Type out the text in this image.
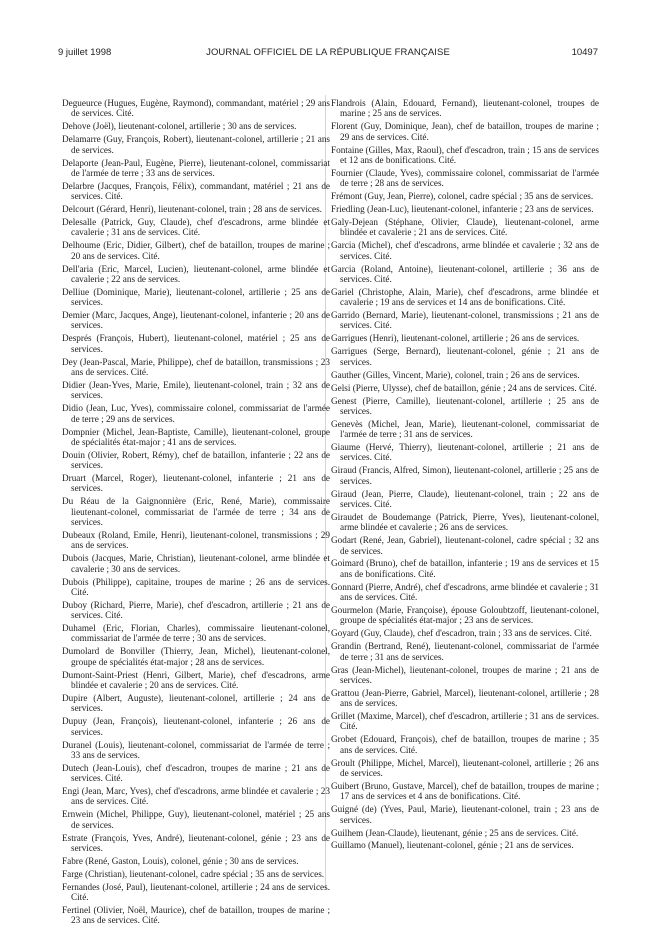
9 juillet 1998	JOURNAL OFFICIEL DE LA RÉPUBLIQUE FRANÇAISE	10497

Degueurce (Hugues, Eugène, Raymond), commandant, matériel ; 29 ans de services. Cité.

Dehove (Joël), lieutenant-colonel, artillerie ; 30 ans de services.

Delamarre (Guy, François, Robert), lieutenant-colonel, artillerie ; 21 ans de services.

Delaporte (Jean-Paul, Eugène, Pierre), lieutenant-colonel, commissariat de l'armée de terre ; 33 ans de services.

Delarbre (Jacques, François, Félix), commandant, matériel ; 21 ans de services. Cité.

Delcourt (Gérard, Henri), lieutenant-colonel, train ; 28 ans de services.

Delesalle (Patrick, Guy, Claude), chef d'escadrons, arme blindée et cavalerie ; 31 ans de services. Cité.

Delhoume (Eric, Didier, Gilbert), chef de bataillon, troupes de marine ; 20 ans de services. Cité.

Dell'aria (Eric, Marcel, Lucien), lieutenant-colonel, arme blindée et cavalerie ; 22 ans de services.

Delliue (Dominique, Marie), lieutenant-colonel, artillerie ; 25 ans de services.

Demier (Marc, Jacques, Ange), lieutenant-colonel, infanterie ; 20 ans de services.

Després (François, Hubert), lieutenant-colonel, matériel ; 25 ans de services.

Dey (Jean-Pascal, Marie, Philippe), chef de bataillon, transmissions ; 23 ans de services. Cité.

Didier (Jean-Yves, Marie, Emile), lieutenant-colonel, train ; 32 ans de services.

Didio (Jean, Luc, Yves), commissaire colonel, commissariat de l'armée de terre ; 29 ans de services.

Dompnier (Michel, Jean-Baptiste, Camille), lieutenant-colonel, groupe de spécialités état-major ; 41 ans de services.

Douin (Olivier, Robert, Rémy), chef de bataillon, infanterie ; 22 ans de services.

Druart (Marcel, Roger), lieutenant-colonel, infanterie ; 21 ans de services.

Du Réau de la Gaignonnière (Eric, René, Marie), commissaire lieutenant-colonel, commissariat de l'armée de terre ; 34 ans de services.

Dubeaux (Roland, Emile, Henri), lieutenant-colonel, transmissions ; 29 ans de services.

Dubois (Jacques, Marie, Christian), lieutenant-colonel, arme blindée et cavalerie ; 30 ans de services.

Dubois (Philippe), capitaine, troupes de marine ; 26 ans de services. Cité.

Duboy (Richard, Pierre, Marie), chef d'escadron, artillerie ; 21 ans de services. Cité.

Duhamel (Eric, Florian, Charles), commissaire lieutenant-colonel, commissariat de l'armée de terre ; 30 ans de services.

Dumolard de Bonviller (Thierry, Jean, Michel), lieutenant-colonel, groupe de spécialités état-major ; 28 ans de services.

Dumont-Saint-Priest (Henri, Gilbert, Marie), chef d'escadrons, arme blindée et cavalerie ; 20 ans de services. Cité.

Dupire (Albert, Auguste), lieutenant-colonel, artillerie ; 24 ans de services.

Dupuy (Jean, François), lieutenant-colonel, infanterie ; 26 ans de services.

Duranel (Louis), lieutenant-colonel, commissariat de l'armée de terre ; 33 ans de services.

Dutech (Jean-Louis), chef d'escadron, troupes de marine ; 21 ans de services. Cité.

Engi (Jean, Marc, Yves), chef d'escadrons, arme blindée et cavalerie ; 23 ans de services. Cité.

Ernwein (Michel, Philippe, Guy), lieutenant-colonel, matériel ; 25 ans de services.

Estrate (François, Yves, André), lieutenant-colonel, génie ; 23 ans de services.

Fabre (René, Gaston, Louis), colonel, génie ; 30 ans de services.

Farge (Christian), lieutenant-colonel, cadre spécial ; 35 ans de services.

Fernandes (José, Paul), lieutenant-colonel, artillerie ; 24 ans de services. Cité.

Fertinel (Olivier, Noël, Maurice), chef de bataillon, troupes de marine ; 23 ans de services. Cité.

Flandrois (Alain, Edouard, Fernand), lieutenant-colonel, troupes de marine ; 25 ans de services.

Florent (Guy, Dominique, Jean), chef de bataillon, troupes de marine ; 29 ans de services. Cité.

Fontaine (Gilles, Max, Raoul), chef d'escadron, train ; 15 ans de services et 12 ans de bonifications. Cité.

Fournier (Claude, Yves), commissaire colonel, commissariat de l'armée de terre ; 28 ans de services.

Frémont (Guy, Jean, Pierre), colonel, cadre spécial ; 35 ans de services.

Friedling (Jean-Luc), lieutenant-colonel, infanterie ; 23 ans de services.

Galy-Dejean (Stéphane, Olivier, Claude), lieutenant-colonel, arme blindée et cavalerie ; 21 ans de services. Cité.

Garcia (Michel), chef d'escadrons, arme blindée et cavalerie ; 32 ans de services. Cité.

Garcia (Roland, Antoine), lieutenant-colonel, artillerie ; 36 ans de services. Cité.

Gariel (Christophe, Alain, Marie), chef d'escadrons, arme blindée et cavalerie ; 19 ans de services et 14 ans de bonifications. Cité.

Garrido (Bernard, Marie), lieutenant-colonel, transmissions ; 21 ans de services. Cité.

Garrigues (Henri), lieutenant-colonel, artillerie ; 26 ans de services.

Garrigues (Serge, Bernard), lieutenant-colonel, génie ; 21 ans de services.

Gauther (Gilles, Vincent, Marie), colonel, train ; 26 ans de services.

Gelsi (Pierre, Ulysse), chef de bataillon, génie ; 24 ans de services. Cité.

Genest (Pierre, Camille), lieutenant-colonel, artillerie ; 25 ans de services.

Genevès (Michel, Jean, Marie), lieutenant-colonel, commissariat de l'armée de terre ; 31 ans de services.

Giaume (Hervé, Thierry), lieutenant-colonel, artillerie ; 21 ans de services. Cité.

Giraud (Francis, Alfred, Simon), lieutenant-colonel, artillerie ; 25 ans de services.

Giraud (Jean, Pierre, Claude), lieutenant-colonel, train ; 22 ans de services. Cité.

Giraudet de Boudemange (Patrick, Pierre, Yves), lieutenant-colonel, arme blindée et cavalerie ; 26 ans de services.

Godart (René, Jean, Gabriel), lieutenant-colonel, cadre spécial ; 32 ans de services.

Goimard (Bruno), chef de bataillon, infanterie ; 19 ans de services et 15 ans de bonifications. Cité.

Gonnard (Pierre, André), chef d'escadrons, arme blindée et cavalerie ; 31 ans de services. Cité.

Gourmelon (Marie, Françoise), épouse Goloubtzoff, lieutenant-colonel, groupe de spécialités état-major ; 23 ans de services.

Goyard (Guy, Claude), chef d'escadron, train ; 33 ans de services. Cité.

Grandin (Bertrand, René), lieutenant-colonel, commissariat de l'armée de terre ; 31 ans de services.

Gras (Jean-Michel), lieutenant-colonel, troupes de marine ; 21 ans de services.

Grattou (Jean-Pierre, Gabriel, Marcel), lieutenant-colonel, artillerie ; 28 ans de services.

Grillet (Maxime, Marcel), chef d'escadron, artillerie ; 31 ans de services. Cité.

Grobet (Edouard, François), chef de bataillon, troupes de marine ; 35 ans de services. Cité.

Groult (Philippe, Michel, Marcel), lieutenant-colonel, artillerie ; 26 ans de services.

Guibert (Bruno, Gustave, Marcel), chef de bataillon, troupes de marine ; 17 ans de services et 4 ans de bonifications. Cité.

Guigné (de) (Yves, Paul, Marie), lieutenant-colonel, train ; 23 ans de services.

Guilhem (Jean-Claude), lieutenant, génie ; 25 ans de services. Cité.

Guillamo (Manuel), lieutenant-colonel, génie ; 21 ans de services.
